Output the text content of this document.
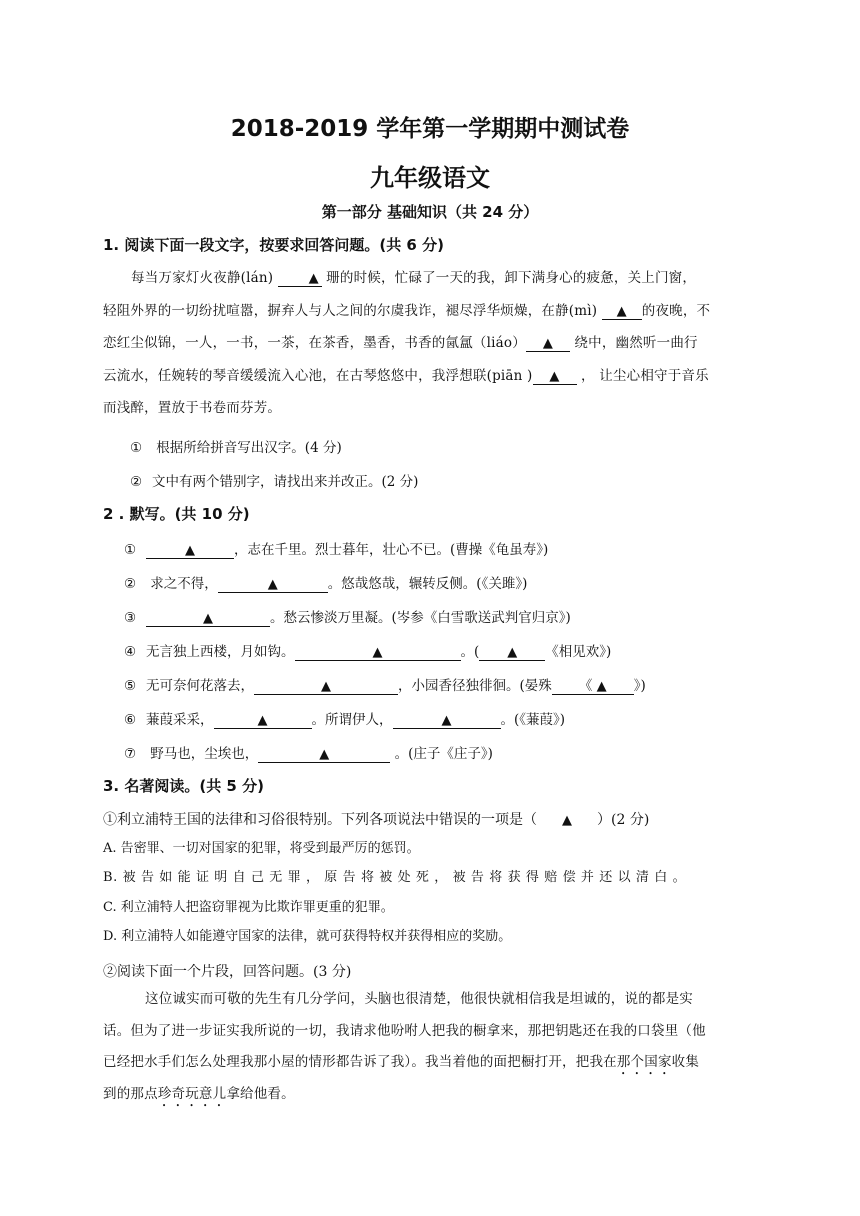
2018-2019 学年第一学期期中测试卷
九年级语文
第一部分 基础知识（共 24 分）
1. 阅读下面一段文字，按要求回答问题。(共 6 分)
每当万家灯火夜静(lán) ▲ 珊的时候，忙碌了一天的我，卸下满身心的疲惫，关上门窗，
轻阻外界的一切纷扰喧嚣，摒弃人与人之间的尔虞我诈，褪尽浮华烦燥，在静(mì) ▲ 的夜晚，不
恋红尘似锦，一人，一书，一茶，在茶香，墨香，书香的氤氲（liáo） ▲ 绕中，幽然听一曲行
云流水，任婉转的琴音缓缓流入心池，在古琴悠悠中，我浮想联(piān ) ▲ ， 让尘心相守于音乐
而浅醉，置放于书卷而芬芳。
① 根据所给拼音写出汉字。(4 分)
② 文中有两个错别字，请找出来并改正。(2 分)
2 . 默写。(共 10 分)
①	▲	，志在千里。烈士暮年，壮心不已。(曹操《龟虽寿》)
② 求之不得，	▲	。悠哉悠哉，辗转反侧。(《关雎》)
③	▲	。愁云惨淡万里凝。(岑参《白雪歌送武判官归京》)
④ 无言独上西楼，月如钩。	▲	。( ▲ 《相见欢》)
⑤ 无可奈何花落去，	▲	，小园香径独徘徊。(晏殊 《 ▲ 》)
⑥ 蒹葭采采，	▲	。所谓伊人，	▲	。(《蒹葭》)
⑦ 野马也，尘埃也，	▲	。(庄子《庄子》)
3. 名著阅读。(共 5 分)
①利立浦特王国的法律和习俗很特别。下列各项说法中错误的一项是（ ▲ ）(2 分)
A. 告密罪、一切对国家的犯罪，将受到最严厉的惩罚。
B. 被 告 如 能 证 明 自 己 无 罪 ， 原 告 将 被 处 死 ， 被 告 将 获 得 赔 偿 并 还 以 清 白 。
C. 利立浦特人把盗窃罪视为比欺诈罪更重的犯罪。
D. 利立浦特人如能遵守国家的法律，就可获得特权并获得相应的奖励。
②阅读下面一个片段，回答问题。(3 分)
这位诚实而可敬的先生有几分学问，头脑也很清楚，他很快就相信我是坦诚的，说的都是实
话。但为了进一步证实我所说的一切，我请求他吩咐人把我的橱拿来，那把钥匙还在我的口袋里（他
已经把水手们怎么处理我那小屋的情形都告诉了我）。我当着他的面把橱打开，把我在那个国家收集
到的那点珍奇玩意儿拿给他看。
